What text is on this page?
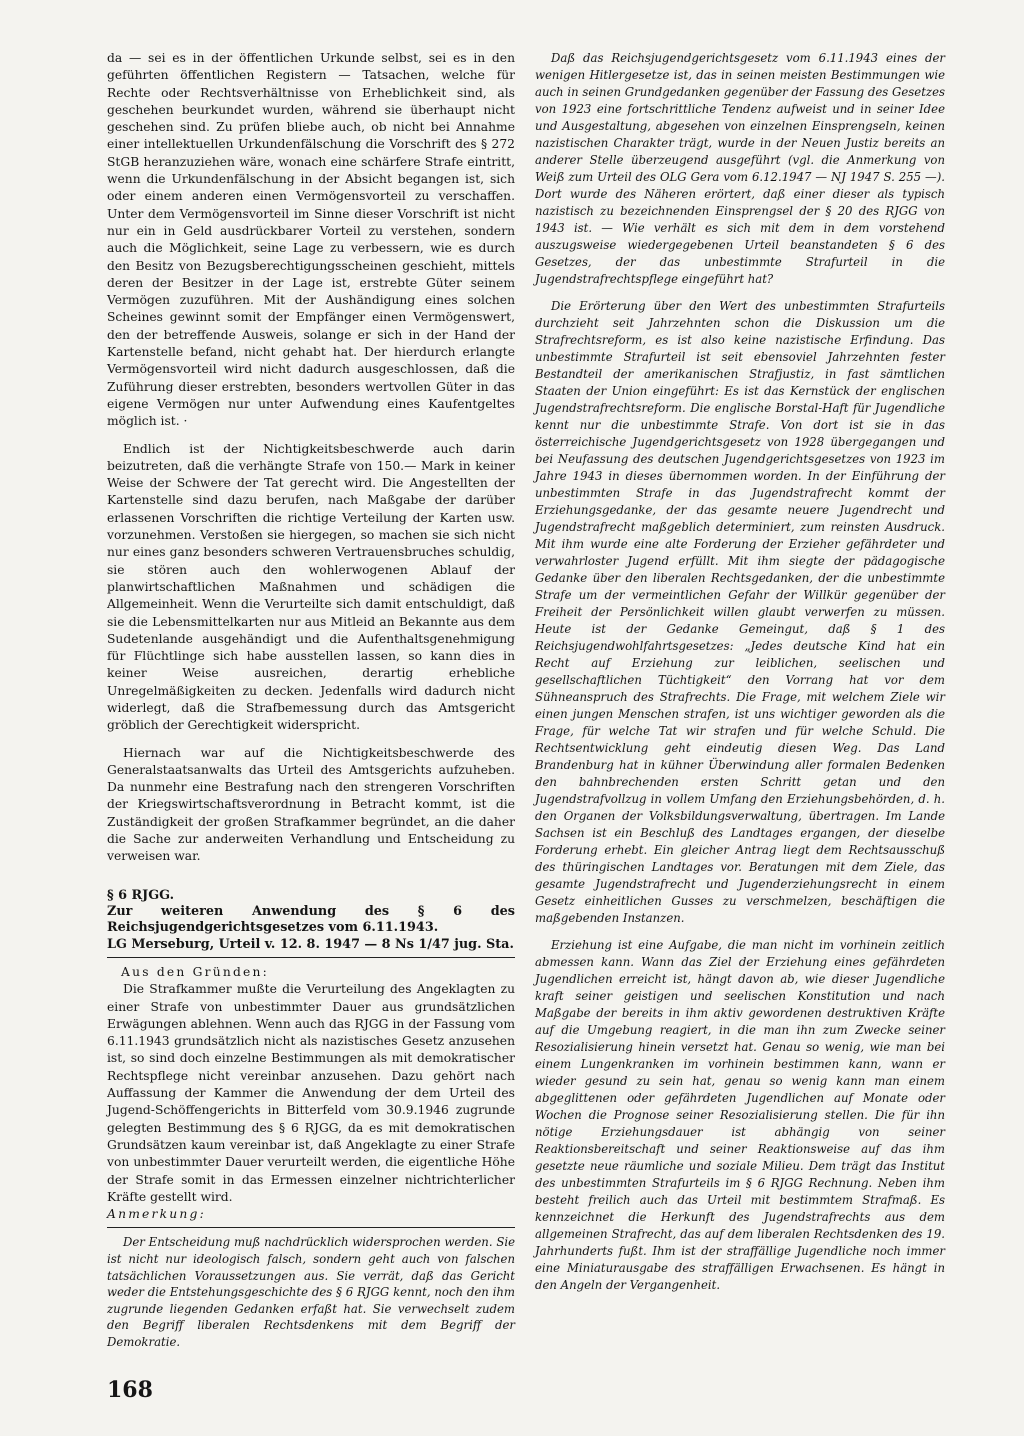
da — sei es in der öffentlichen Urkunde selbst, sei es in den geführten öffentlichen Registern — Tatsachen, welche für Rechte oder Rechtsverhältnisse von Erheblichkeit sind, als geschehen beurkundet wurden, während sie überhaupt nicht geschehen sind. Zu prüfen bliebe auch, ob nicht bei Annahme einer intellektuellen Urkundenfälschung die Vorschrift des § 272 StGB heranzuziehen wäre, wonach eine schärfere Strafe eintritt, wenn die Urkundenfälschung in der Absicht begangen ist, sich oder einem anderen einen Vermögensvorteil zu verschaffen. Unter dem Vermögensvorteil im Sinne dieser Vorschrift ist nicht nur ein in Geld ausdrückbarer Vorteil zu verstehen, sondern auch die Möglichkeit, seine Lage zu verbessern, wie es durch den Besitz von Bezugsberechtigungsscheinen geschieht, mittels deren der Besitzer in der Lage ist, erstrebte Güter seinem Vermögen zuzuführen. Mit der Aushändigung eines solchen Scheines gewinnt somit der Empfänger einen Vermögenswert, den der betreffende Ausweis, solange er sich in der Hand der Kartenstelle befand, nicht gehabt hat. Der hierdurch erlangte Vermögensvorteil wird nicht dadurch ausgeschlossen, daß die Zuführung dieser erstrebten, besonders wertvollen Güter in das eigene Vermögen nur unter Aufwendung eines Kaufentgeltes möglich ist. ·

Endlich ist der Nichtigkeitsbeschwerde auch darin beizutreten, daß die verhängte Strafe von 150.— Mark in keiner Weise der Schwere der Tat gerecht wird. Die Angestellten der Kartenstelle sind dazu berufen, nach Maßgabe der darüber erlassenen Vorschriften die richtige Verteilung der Karten usw. vorzunehmen. Verstoßen sie hiergegen, so machen sie sich nicht nur eines ganz besonders schweren Vertrauensbruches schuldig, sie stören auch den wohlerwogenen Ablauf der planwirtschaftlichen Maßnahmen und schädigen die Allgemeinheit. Wenn die Verurteilte sich damit entschuldigt, daß sie die Lebensmittelkarten nur aus Mitleid an Bekannte aus dem Sudetenlande ausgehändigt und die Aufenthaltsgenehmigung für Flüchtlinge sich habe ausstellen lassen, so kann dies in keiner Weise ausreichen, derartig erhebliche Unregelmäßigkeiten zu decken. Jedenfalls wird dadurch nicht widerlegt, daß die Strafbemessung durch das Amtsgericht gröblich der Gerechtigkeit widerspricht.

Hiernach war auf die Nichtigkeitsbeschwerde des Generalstaatsanwalts das Urteil des Amtsgerichts aufzuheben. Da nunmehr eine Bestrafung nach den strengeren Vorschriften der Kriegswirtschaftsverordnung in Betracht kommt, ist die Zuständigkeit der großen Strafkammer begründet, an die daher die Sache zur anderweiten Verhandlung und Entscheidung zu verweisen war.

§ 6 RJGG.

Zur weiteren Anwendung des § 6 des Reichsjugendgerichtsgesetzes vom 6.11.1943.

LG Merseburg, Urteil v. 12. 8. 1947 — 8 Ns 1/47 jug. Sta.

Aus den Gründen:

Die Strafkammer mußte die Verurteilung des Angeklagten zu einer Strafe von unbestimmter Dauer aus grundsätzlichen Erwägungen ablehnen. Wenn auch das RJGG in der Fassung vom 6.11.1943 grundsätzlich nicht als nazistisches Gesetz anzusehen ist, so sind doch einzelne Bestimmungen als mit demokratischer Rechtspflege nicht vereinbar anzusehen. Dazu gehört nach Auffassung der Kammer die Anwendung der dem Urteil des Jugend-Schöffengerichts in Bitterfeld vom 30.9.1946 zugrunde gelegten Bestimmung des § 6 RJGG, da es mit demokratischen Grundsätzen kaum vereinbar ist, daß Angeklagte zu einer Strafe von unbestimmter Dauer verurteilt werden, die eigentliche Höhe der Strafe somit in das Ermessen einzelner nichtrichterlicher Kräfte gestellt wird.

Anmerkung:

Der Entscheidung muß nachdrücklich widersprochen werden. Sie ist nicht nur ideologisch falsch, sondern geht auch von falschen tatsächlichen Voraussetzungen aus. Sie verrät, daß das Gericht weder die Entstehungsgeschichte des § 6 RJGG kennt, noch den ihm zugrunde liegenden Gedanken erfaßt hat. Sie verwechselt zudem den Begriff liberalen Rechtsdenkens mit dem Begriff der Demokratie.

Daß das Reichsjugendgerichtsgesetz vom 6.11.1943 eines der wenigen Hitlergesetze ist, das in seinen meisten Bestimmungen wie auch in seinen Grundgedanken gegenüber der Fassung des Gesetzes von 1923 eine fortschrittliche Tendenz aufweist und in seiner Idee und Ausgestaltung, abgesehen von einzelnen Einsprengseln, keinen nazistischen Charakter trägt, wurde in der Neuen Justiz bereits an anderer Stelle überzeugend ausgeführt (vgl. die Anmerkung von Weiß zum Urteil des OLG Gera vom 6.12.1947 — NJ 1947 S. 255 —). Dort wurde des Näheren erörtert, daß einer dieser als typisch nazistisch zu bezeichnenden Einsprengsel der § 20 des RJGG von 1943 ist. — Wie verhält es sich mit dem in dem vorstehend auszugsweise wiedergegebenen Urteil beanstandeten § 6 des Gesetzes, der das unbestimmte Strafurteil in die Jugendstrafrechtspflege eingeführt hat?

Die Erörterung über den Wert des unbestimmten Strafurteils durchzieht seit Jahrzehnten schon die Diskussion um die Strafrechtsreform, es ist also keine nazistische Erfindung. Das unbestimmte Strafurteil ist seit ebensoviel Jahrzehnten fester Bestandteil der amerikanischen Strafjustiz, in fast sämtlichen Staaten der Union eingeführt: Es ist das Kernstück der englischen Jugendstrafrechtsreform. Die englische Borstal-Haft für Jugendliche kennt nur die unbestimmte Strafe. Von dort ist sie in das österreichische Jugendgerichtsgesetz von 1928 übergegangen und bei Neufassung des deutschen Jugendgerichtsgesetzes von 1923 im Jahre 1943 in dieses übernommen worden. In der Einführung der unbestimmten Strafe in das Jugendstrafrecht kommt der Erziehungsgedanke, der das gesamte neuere Jugendrecht und Jugendstrafrecht maßgeblich determiniert, zum reinsten Ausdruck. Mit ihm wurde eine alte Forderung der Erzieher gefährdeter und verwahrloster Jugend erfüllt. Mit ihm siegte der pädagogische Gedanke über den liberalen Rechtsgedanken, der die unbestimmte Strafe um der vermeintlichen Gefahr der Willkür gegenüber der Freiheit der Persönlichkeit willen glaubt verwerfen zu müssen. Heute ist der Gedanke Gemeingut, daß § 1 des Reichsjugendwohlfahrtsgesetzes: „Jedes deutsche Kind hat ein Recht auf Erziehung zur leiblichen, seelischen und gesellschaftlichen Tüchtigkeit“ den Vorrang hat vor dem Sühneanspruch des Strafrechts. Die Frage, mit welchem Ziele wir einen jungen Menschen strafen, ist uns wichtiger geworden als die Frage, für welche Tat wir strafen und für welche Schuld. Die Rechtsentwicklung geht eindeutig diesen Weg. Das Land Brandenburg hat in kühner Überwindung aller formalen Bedenken den bahnbrechenden ersten Schritt getan und den Jugendstrafvollzug in vollem Umfang den Erziehungsbehörden, d. h. den Organen der Volksbildungsverwaltung, übertragen. Im Lande Sachsen ist ein Beschluß des Landtages ergangen, der dieselbe Forderung erhebt. Ein gleicher Antrag liegt dem Rechtsausschuß des thüringischen Landtages vor. Beratungen mit dem Ziele, das gesamte Jugendstrafrecht und Jugenderziehungsrecht in einem Gesetz einheitlichen Gusses zu verschmelzen, beschäftigen die maßgebenden Instanzen.

Erziehung ist eine Aufgabe, die man nicht im vorhinein zeitlich abmessen kann. Wann das Ziel der Erziehung eines gefährdeten Jugendlichen erreicht ist, hängt davon ab, wie dieser Jugendliche kraft seiner geistigen und seelischen Konstitution und nach Maßgabe der bereits in ihm aktiv gewordenen destruktiven Kräfte auf die Umgebung reagiert, in die man ihn zum Zwecke seiner Resozialisierung hinein versetzt hat. Genau so wenig, wie man bei einem Lungenkranken im vorhinein bestimmen kann, wann er wieder gesund zu sein hat, genau so wenig kann man einem abgeglittenen oder gefährdeten Jugendlichen auf Monate oder Wochen die Prognose seiner Resozialisierung stellen. Die für ihn nötige Erziehungsdauer ist abhängig von seiner Reaktionsbereitschaft und seiner Reaktionsweise auf das ihm gesetzte neue räumliche und soziale Milieu. Dem trägt das Institut des unbestimmten Strafurteils im § 6 RJGG Rechnung. Neben ihm besteht freilich auch das Urteil mit bestimmtem Strafmaß. Es kennzeichnet die Herkunft des Jugendstrafrechts aus dem allgemeinen Strafrecht, das auf dem liberalen Rechtsdenken des 19. Jahrhunderts fußt. Ihm ist der straffällige Jugendliche noch immer eine Miniaturausgabe des straffälligen Erwachsenen. Es hängt in den Angeln der Vergangenheit.

168
